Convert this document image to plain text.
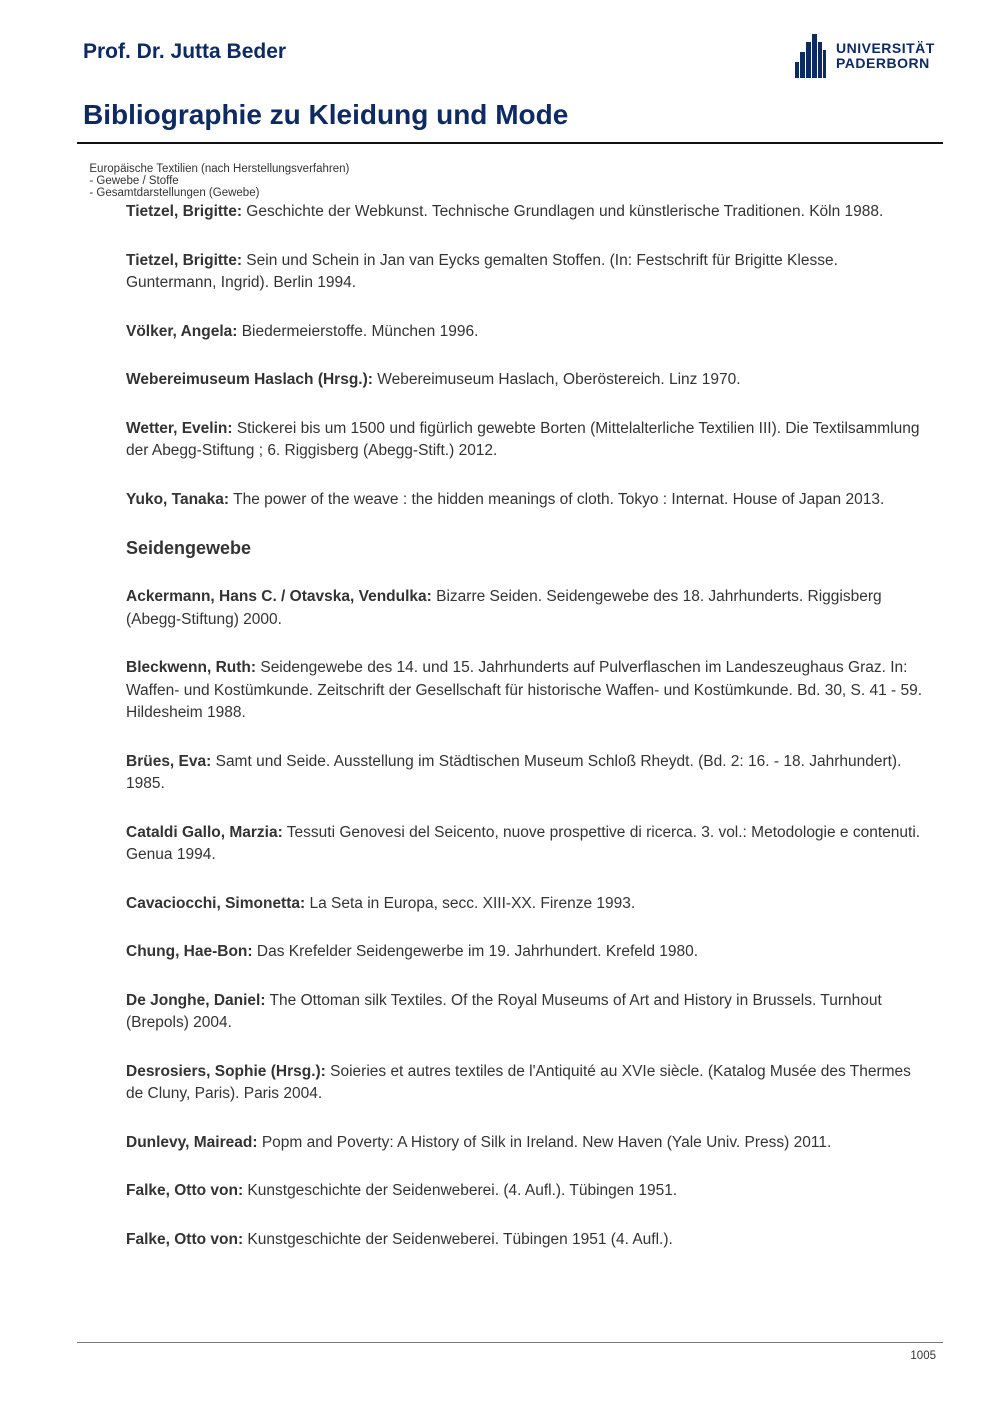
Prof. Dr. Jutta Beder	UNIVERSITÄT
PADERBORN
Bibliographie zu Kleidung und Mode

Europäische Textilien (nach Herstellungsverfahren)
- Gewebe / Stoffe
- Gesamtdarstellungen (Gewebe)

Tietzel, Brigitte: Geschichte der Webkunst. Technische Grundlagen und künstlerische Traditionen. Köln 1988.

Tietzel, Brigitte: Sein und Schein in Jan van Eycks gemalten Stoffen. (In: Festschrift für Brigitte Klesse. Guntermann, Ingrid). Berlin 1994.

Völker, Angela: Biedermeierstoffe. München 1996.

Webereimuseum Haslach (Hrsg.): Webereimuseum Haslach, Oberöstereich. Linz 1970.

Wetter, Evelin: Stickerei bis um 1500 und figürlich gewebte Borten (Mittelalterliche Textilien III). Die Textilsammlung der Abegg-Stiftung ; 6. Riggisberg (Abegg-Stift.) 2012.

Yuko, Tanaka: The power of the weave : the hidden meanings of cloth. Tokyo : Internat. House of Japan 2013.

Seidengewebe

Ackermann, Hans C. / Otavska, Vendulka: Bizarre Seiden. Seidengewebe des 18. Jahrhunderts. Riggisberg (Abegg-Stiftung) 2000.

Bleckwenn, Ruth: Seidengewebe des 14. und 15. Jahrhunderts auf Pulverflaschen im Landeszeughaus Graz. In: Waffen- und Kostümkunde. Zeitschrift der Gesellschaft für historische Waffen- und Kostümkunde. Bd. 30, S. 41 - 59. Hildesheim 1988.

Brües, Eva: Samt und Seide. Ausstellung im Städtischen Museum Schloß Rheydt. (Bd. 2: 16. - 18. Jahrhundert). 1985.

Cataldi Gallo, Marzia: Tessuti Genovesi del Seicento, nuove prospettive di ricerca. 3. vol.: Metodologie e contenuti. Genua 1994.

Cavaciocchi, Simonetta: La Seta in Europa, secc. XIII-XX. Firenze 1993.

Chung, Hae-Bon: Das Krefelder Seidengewerbe im 19. Jahrhundert. Krefeld 1980.

De Jonghe, Daniel: The Ottoman silk Textiles. Of the Royal Museums of Art and History in Brussels. Turnhout (Brepols) 2004.

Desrosiers, Sophie (Hrsg.): Soieries et autres textiles de l'Antiquité au XVIe siècle. (Katalog Musée des Thermes de Cluny, Paris). Paris 2004.

Dunlevy, Mairead: Popm and Poverty: A History of Silk in Ireland. New Haven (Yale Univ. Press) 2011.

Falke, Otto von: Kunstgeschichte der Seidenweberei. (4. Aufl.). Tübingen 1951.

Falke, Otto von: Kunstgeschichte der Seidenweberei. Tübingen 1951 (4. Aufl.).

1005
